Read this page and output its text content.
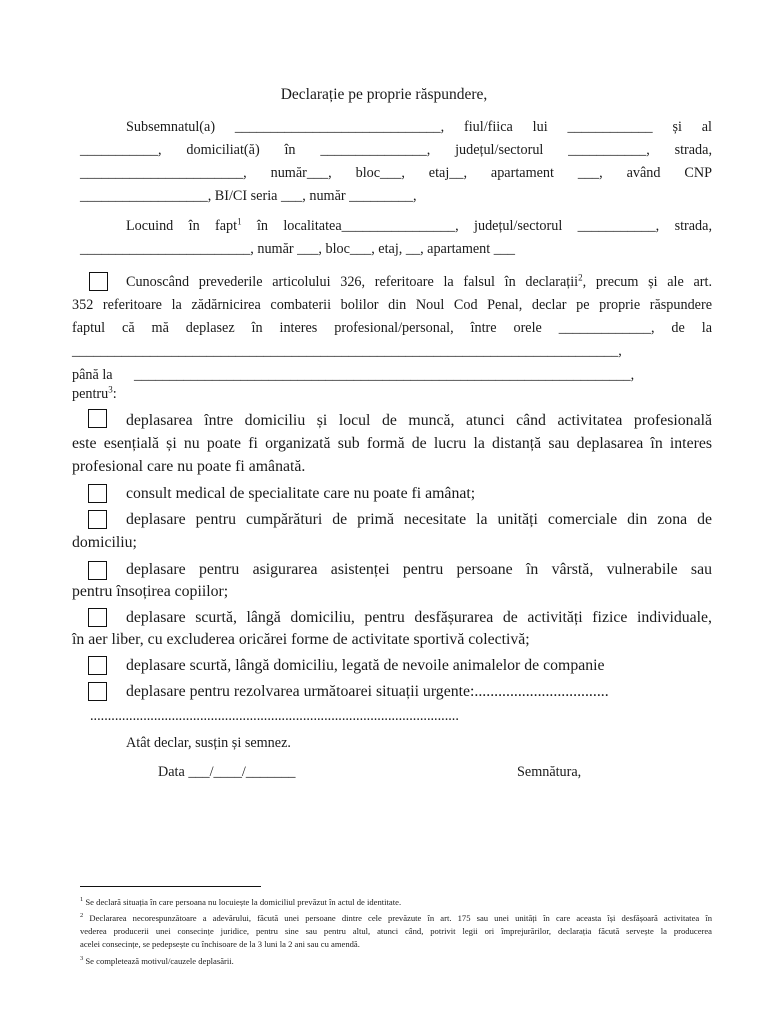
Declarație pe proprie răspundere,
Subsemnatul(a) _____________________________, fiul/fiica lui ____________ și al
___________, domiciliat(ă) în _______________, județul/sectorul ___________, strada,
_______________________, număr___, bloc___, etaj__, apartament ___, având CNP
__________________, BI/CI seria ___, număr _________,
Locuind în fapt$^1$ în localitatea________________, județul/sectorul ___________, strada,
________________________, număr ___, bloc___, etaj, __, apartament ___
Cunoscând prevederile articolului 326, referitoare la falsul în declarații$^2$, precum și ale art.
352 referitoare la zădărnicirea combaterii bolilor din Noul Cod Penal, declar pe proprie răspundere
faptul că mă deplasez în interes profesional/personal, între orele _____________, de la
_____________________________________________________________________________,
până la ______________________________________________________________________,
pentru$^3$:
deplasarea între domiciliu și locul de muncă, atunci când activitatea profesională
este esențială și nu poate fi organizată sub formă de lucru la distanță sau deplasarea în interes
profesional care nu poate fi amânată.
consult medical de specialitate care nu poate fi amânat;
deplasare pentru cumpărături de primă necesitate la unități comerciale din zona de
domiciliu;
deplasare pentru asigurarea asistenței pentru persoane în vârstă, vulnerabile sau
pentru însoțirea copiilor;
deplasare scurtă, lângă domiciliu, pentru desfășurarea de activități fizice individuale,
în aer liber, cu excluderea oricărei forme de activitate sportivă colectivă;
deplasare scurtă, lângă domiciliu, legată de nevoile animalelor de companie
deplasare pentru rezolvarea următoarei situații urgente:..................................
........................................................................................................
Atât declar, susțin și semnez.
Data ___/____/_______	Semnătura,
$^1$ Se declară situația în care persoana nu locuiește la domiciliul prevăzut în actul de identitate.
$^2$ Declararea necorespunzătoare a adevărului, făcută unei persoane dintre cele prevăzute în art. 175 sau unei unități în care aceasta își desfășoară activitatea în
vederea producerii unei consecințe juridice, pentru sine sau pentru altul, atunci când, potrivit legii ori împrejurărilor, declarația făcută servește la producerea
acelei consecințe, se pedepsește cu închisoare de la 3 luni la 2 ani sau cu amendă.
$^3$ Se completează motivul/cauzele deplasării.
